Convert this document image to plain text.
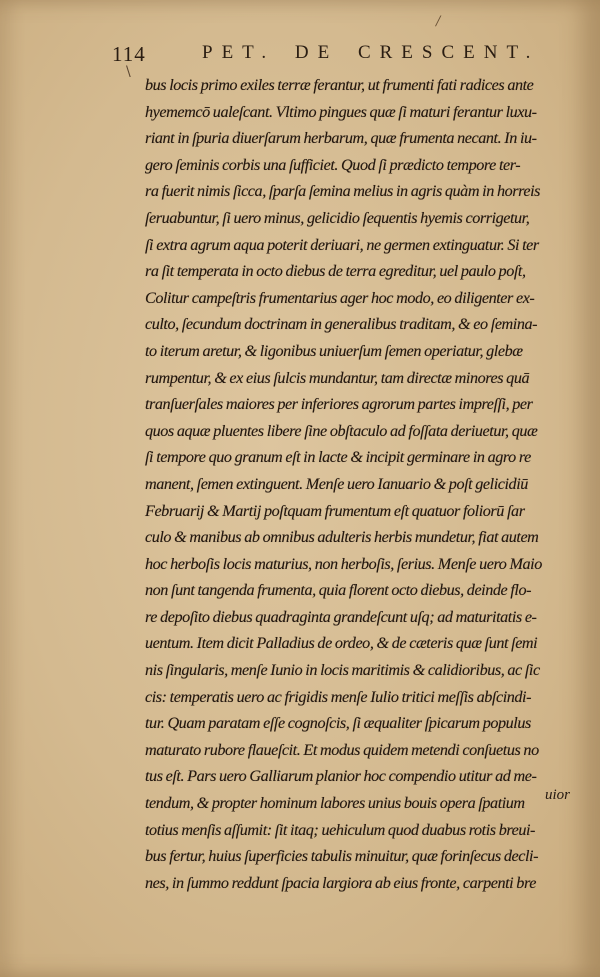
/
114	PET. DE CRESCENT.
\
bus locis primo exiles terræ ferantur, ut frumenti fati radices ante
hyememcō ualeſcant. Vltimo pingues quæ ſi maturi ferantur luxu-
riant in ſpuria diuerſarum herbarum, quæ frumenta necant. In iu-
gero ſeminis corbis una ſufficiet. Quod ſi prædicto tempore ter-
ra fuerit nimis ſicca, ſparſa ſemina melius in agris quàm in horreis
ſeruabuntur, ſi uero minus, gelicidio ſequentis hyemis corrigetur,
ſi extra agrum aqua poterit deriuari, ne germen extinguatur. Si ter
ra ſit temperata in octo diebus de terra egreditur, uel paulo poſt,
Colitur campeſtris frumentarius ager hoc modo, eo diligenter ex-
culto, ſecundum doctrinam in generalibus traditam, & eo ſemina-
to iterum aretur, & ligonibus uniuerſum ſemen operiatur, glebæ
rumpentur, & ex eius ſulcis mundantur, tam directæ minores quā
tranſuerſales maiores per inferiores agrorum partes impreſſi, per
quos aquæ pluentes libere ſine obſtaculo ad foſſata deriuetur, quæ
ſi tempore quo granum eſt in lacte & incipit germinare in agro re
manent, ſemen extinguent. Menſe uero Ianuario & poſt gelicidiū
Februarij & Martij poſtquam frumentum eſt quatuor foliorū ſar
culo & manibus ab omnibus adulteris herbis mundetur, fiat autem
hoc herboſis locis maturius, non herboſis, ſerius. Menſe uero Maio
non ſunt tangenda frumenta, quia florent octo diebus, deinde flo-
re depoſito diebus quadraginta grandeſcunt uſq; ad maturitatis e-
uentum. Item dicit Palladius de ordeo, & de cæteris quæ ſunt ſemi
nis ſingularis, menſe Iunio in locis maritimis & calidioribus, ac ſic
cis: temperatis uero ac frigidis menſe Iulio tritici meſſis abſcindi-
tur. Quam paratam eſſe cognoſcis, ſi æqualiter ſpicarum populus
maturato rubore flaueſcit. Et modus quidem metendi conſuetus no
tus eſt. Pars uero Galliarum planior hoc compendio utitur ad me-
tendum, & propter hominum labores unius bouis opera ſpatium
totius menſis aſſumit: ſit itaq; uehiculum quod duabus rotis breui-
bus fertur, huius ſuperficies tabulis minuitur, quæ forinſecus decli-
nes, in ſummo reddunt ſpacia largiora ab eius fronte, carpenti bre
uior
